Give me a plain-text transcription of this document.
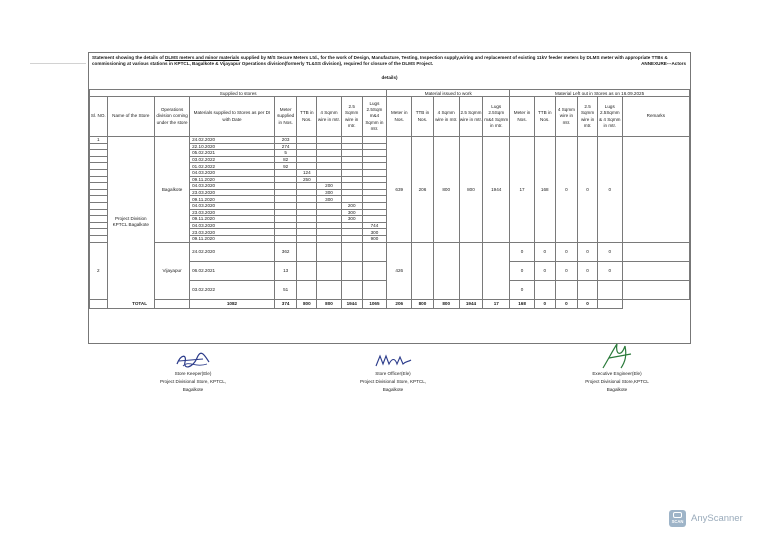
Statement showing the details of DLMS meters and minor materials supplied by M/S Secure Meters Ltd., for the work of Design, Manufacture, Testing, Inspection supply,wiring and replacement of existing 11kV feeder meters by DLMS meter with appropriate TTBs & commissioning at various stations in KPTCL, Bagalkote & Vijayapur Operations division(formerly TL&SS division), required for closure of the DLMS Project.	ANNEXURE---Actors
details)
Supplied to stores									Material issued to work					Material Left out in Stores as on 16.09.2025					
Sl. NO.	Name of the Store	Operations division coming under the store	Materials supplied to Stores as per DI with Date	Meter supplied in Nos.	TTB in Nos.	4 Sqmm wire in mtr.	2.5 Sqmm wire in mtr.	Lugs 2.5Sqm m&4 Sqmm in mtr.	Meter in Nos.	TTB in Nos.	4 Sqmm wire in mtr.	2.5 Sqmm wire in mtr.	Lugs 2.5Sqm m&4 Sqmm in mtr.	Meter in Nos.	TTB in Nos.	4 Sqmm wire in mtr.	2.5 Sqmm wire in mtr.	Lugs 2.5Sqmm & 4 Sqmm in mtr.	Remarks
1	Project Division KPTCL Bagalkote	Bagalkote	24.02.2020	203					639	206	800	800	1944	17	168	0	0	0	
			22.10.2020	274															
			05.02.2021	5															
			03.02.2022	82															
			01.02.2022	92															
			04.03.2020		124														
			09.11.2020		250														
			04.03.2020			200													
			23.03.2020			300													
			09.11.2020			300													
			04.03.2020				200												
			23.03.2020				300												
			09.11.2020				300												
			04.03.2020					744											
			23.03.2020					300											
			09.11.2020					900											
2		Vijayapur	24.02.2020	362					426					0	0	0	0	0	
			06.02.2021	13										0	0	0	0	0	
			03.02.2022	51										0					
TOTAL			1082	374	800	800	1944	1065	206	800	800	1944	17	168	0	0	0		
Store Keeper(Ele)
Project Divisional Store, KPTCL,
Bagalkote
Store Officer(Ele)
Project Divisional Store, KPTCL,
Bagalkote
Executive Engineer(Ele)
Project Divisional Store,KPTCL
Bagalkote
SCAN AnyScanner
